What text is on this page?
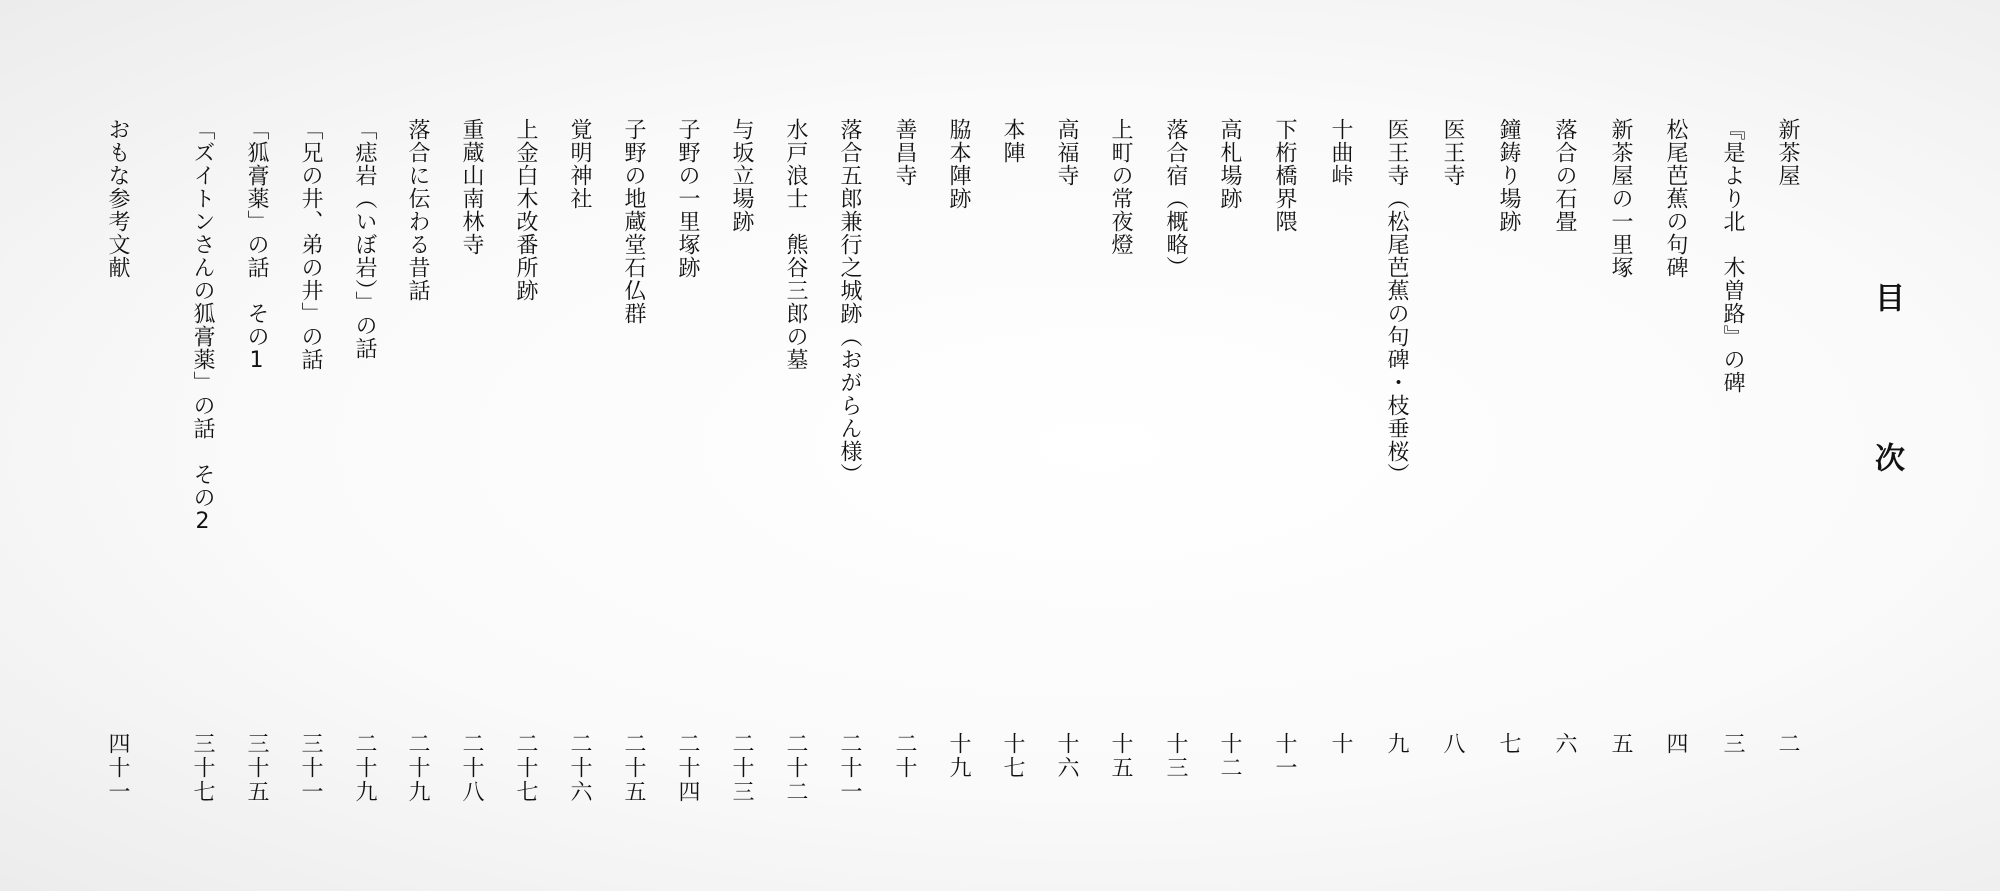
目　次
新茶屋
二
『是より北　木曽路』の碑
三
松尾芭蕉の句碑
四
新茶屋の一里塚
五
落合の石畳
六
鐘鋳り場跡
七
医王寺
八
医王寺（松尾芭蕉の句碑・枝垂桜）
九
十曲峠
十
下桁橋界隈
十一
高札場跡
十二
落合宿（概略）
十三
上町の常夜燈
十五
高福寺
十六
本陣
十七
脇本陣跡
十九
善昌寺
二十
落合五郎兼行之城跡（おがらん様）
二十一
水戸浪士　熊谷三郎の墓
二十二
与坂立場跡
二十三
子野の一里塚跡
二十四
子野の地蔵堂石仏群
二十五
覚明神社
二十六
上金白木改番所跡
二十七
重蔵山南林寺
二十八
落合に伝わる昔話
二十九
「痣岩（いぼ岩）」の話
二十九
「兄の井、弟の井」の話
三十一
「狐膏薬」の話　その1
三十五
「ズイトンさんの狐膏薬」の話　その2
三十七
おもな参考文献
四十一
